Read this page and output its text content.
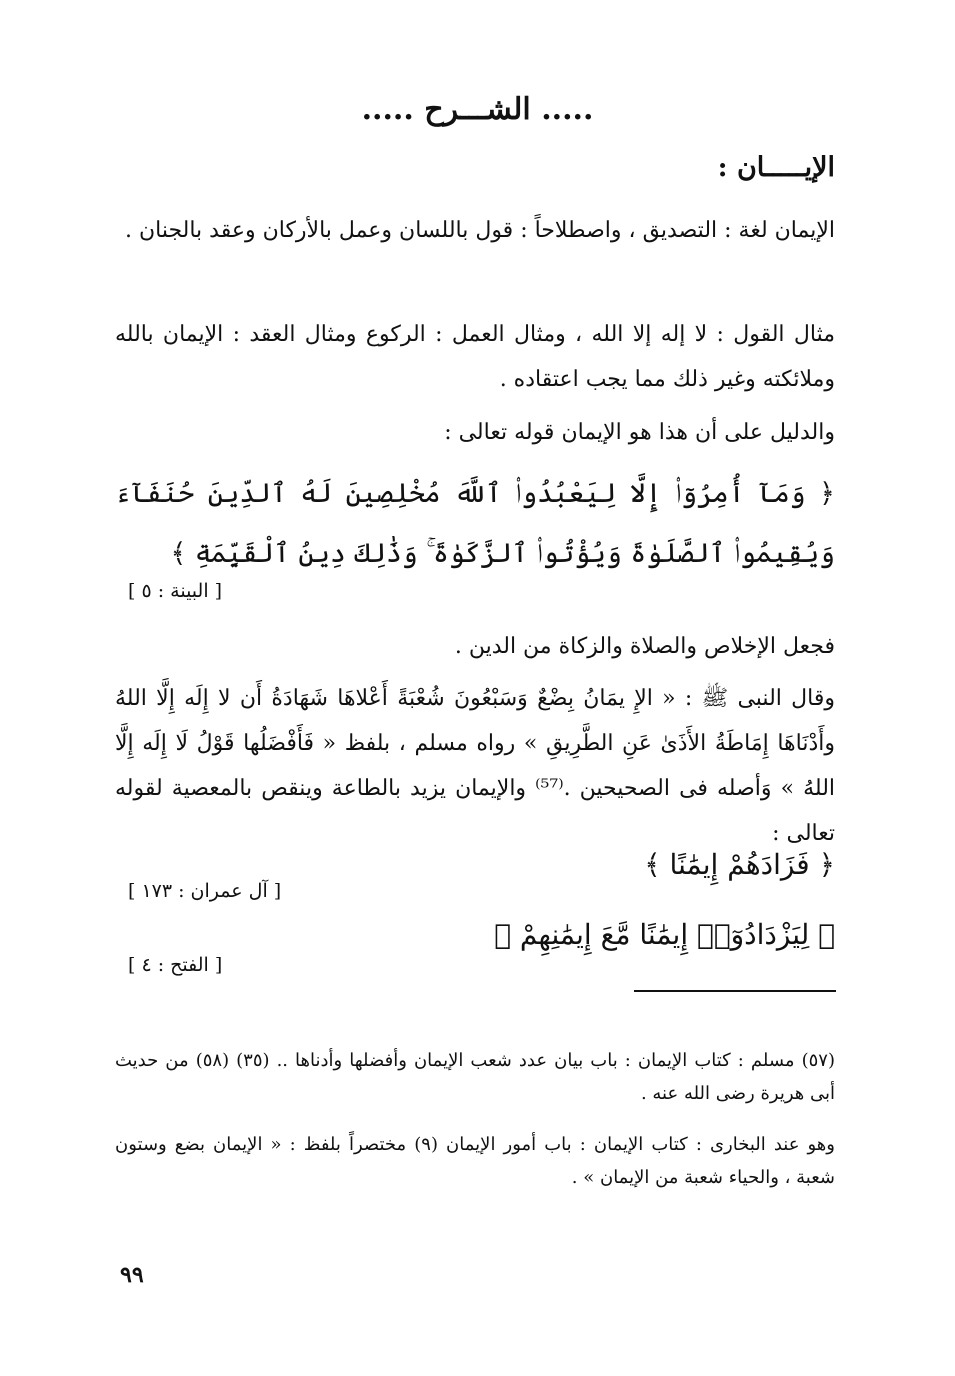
..... الشـــرح .....
الإيـــــان :
الإيمان لغة : التصديق ، واصطلاحاً : قول باللسان وعمل بالأركان وعقد بالجنان .
مثال القول : لا إله إلا الله ، ومثال العمل : الركوع ومثال العقد : الإيمان بالله وملائكته وغير ذلك مما يجب اعتقاده .
والدليل على أن هذا هو الإيمان قوله تعالى :
﴿ وَمَآ أُمِرُوٓا۟ إِلَّا لِيَعْبُدُوا۟ ٱللَّهَ مُخْلِصِينَ لَهُ ٱلدِّينَ حُنَفَآءَ وَيُقِيمُوا۟ ٱلصَّلَوٰةَ وَيُؤْتُوا۟ ٱلزَّكَوٰةَ ۚ وَذَٰلِكَ دِينُ ٱلْقَيِّمَةِ ﴾
[ البينة : ٥ ]
فجعل الإخلاص والصلاة والزكاة من الدين .
وقال النبى ﷺ : « الإِ يمَانُ بِضْعٌ وَسَبْعُونَ شُعْبَةً أَعْلاهَا شَهَادَةُ أَن لا إِلَه إِلَّا اللهُ وأَدْنَاهَا إِمَاطَةُ الأَذَىٰ عَنِ الطَّرِيقِ » رواه مسلم ، بلفظ « فَأَفْضَلُها قَوْلُ لَا إِلَه إِلَّا اللهُ » وَأصله فى الصحيحين .⁽⁵⁷⁾ والإيمان يزيد بالطاعة وينقص بالمعصية لقوله تعالى :
﴿ فَزَادَهُمْ إِيمَٰنًا ﴾
[ آل عمران : ١٧٣ ]
﴿ لِيَزْدَادُوٓا۟ إِيمَٰنًا مَّعَ إِيمَٰنِهِمْ ﴾
[ الفتح : ٤ ]
(٥٧) مسلم : كتاب الإيمان : باب بيان عدد شعب الإيمان وأفضلها وأدناها .. (٣٥) (٥٨) من حديث أبى هريرة رضى الله عنه .
وهو عند البخارى : كتاب الإيمان : باب أمور الإيمان (٩) مختصراً بلفظ : « الإيمان بضع وستون شعبة ، والحياء شعبة من الإيمان » .
٩٩
